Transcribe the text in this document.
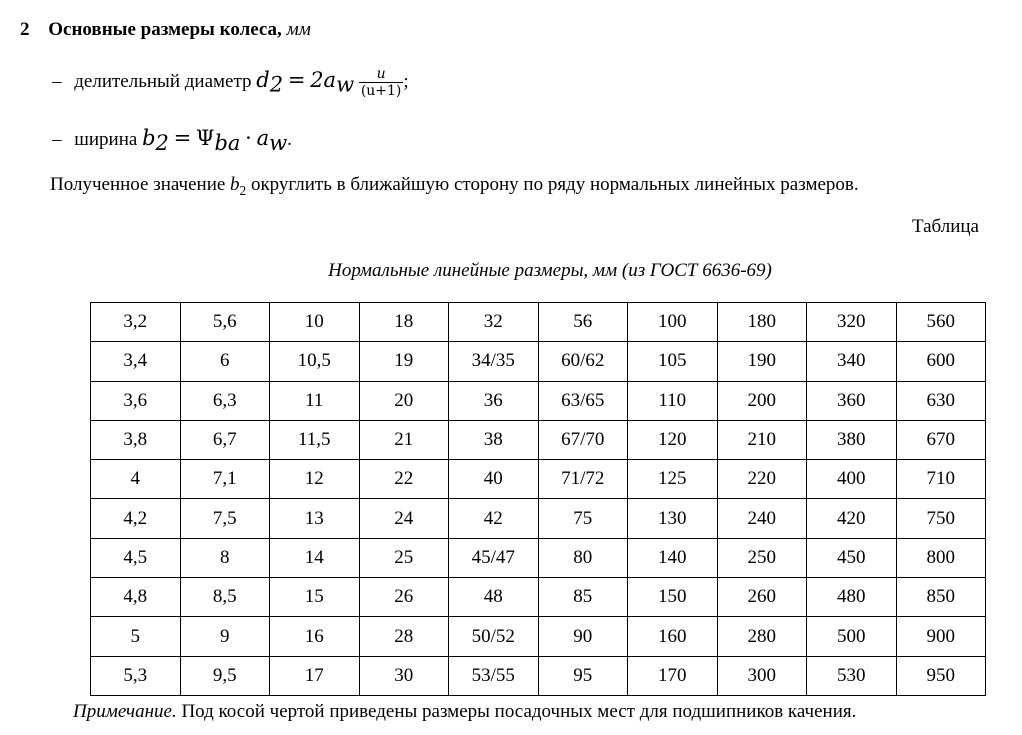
2 Основные размеры колеса, мм
– делительный диаметр $d_2 = 2a_w \frac{u}{(u+1)}$ ;
– ширина $b_2 = \Psi_{ba} \cdot a_w$.
Полученное значение $b_2$ округлить в ближайшую сторону по ряду нормальных линейных размеров.
Таблица
Нормальные линейные размеры, мм (из ГОСТ 6636-69)
3,2	5,6	10	18	32	56	100	180	320	560
3,4	6	10,5	19	34/35	60/62	105	190	340	600
3,6	6,3	11	20	36	63/65	110	200	360	630
3,8	6,7	11,5	21	38	67/70	120	210	380	670
4	7,1	12	22	40	71/72	125	220	400	710
4,2	7,5	13	24	42	75	130	240	420	750
4,5	8	14	25	45/47	80	140	250	450	800
4,8	8,5	15	26	48	85	150	260	480	850
5	9	16	28	50/52	90	160	280	500	900
5,3	9,5	17	30	53/55	95	170	300	530	950
Примечание. Под косой чертой приведены размеры посадочных мест для подшипников качения.
